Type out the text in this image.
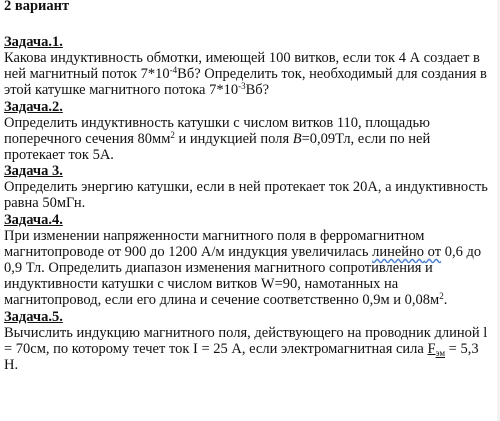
2 вариант
Задача.1.

Какова индуктивность обмотки, имеющей 100 витков, если ток 4 А создает в ней магнитный поток $7*10^{-4}Вб$? Определить ток, необходимый для создания в этой катушке магнитного потока $7*10^{-3}Вб$?

Задача.2.

Определить индуктивность катушки с числом витков 110, площадью поперечного сечения $80мм^2$ и индукцией поля B=0,09Тл, если по ней протекает ток 5А.

Задача 3.

Определить энергию катушки, если в ней протекает ток 20А, а индуктивность равна 50мГн.

Задача.4.

При изменении напряженности магнитного поля в ферромагнитном магнитопроводе от 900 до 1200 А/м индукция увеличилась линейно от 0,6 до 0,9 Тл. Определить диапазон изменения магнитного сопротивления и индуктивности катушки с числом витков W=90, намотанных на магнитопровод, если его длина и сечение соответственно 0,9м и $0,08м^2$.

Задача.5.

Вычислить индукцию магнитного поля, действующего на проводник длиной l = 70см, по которому течет ток I = 25 А, если электромагнитная сила $F_{эм} = 5,3$ Н.
